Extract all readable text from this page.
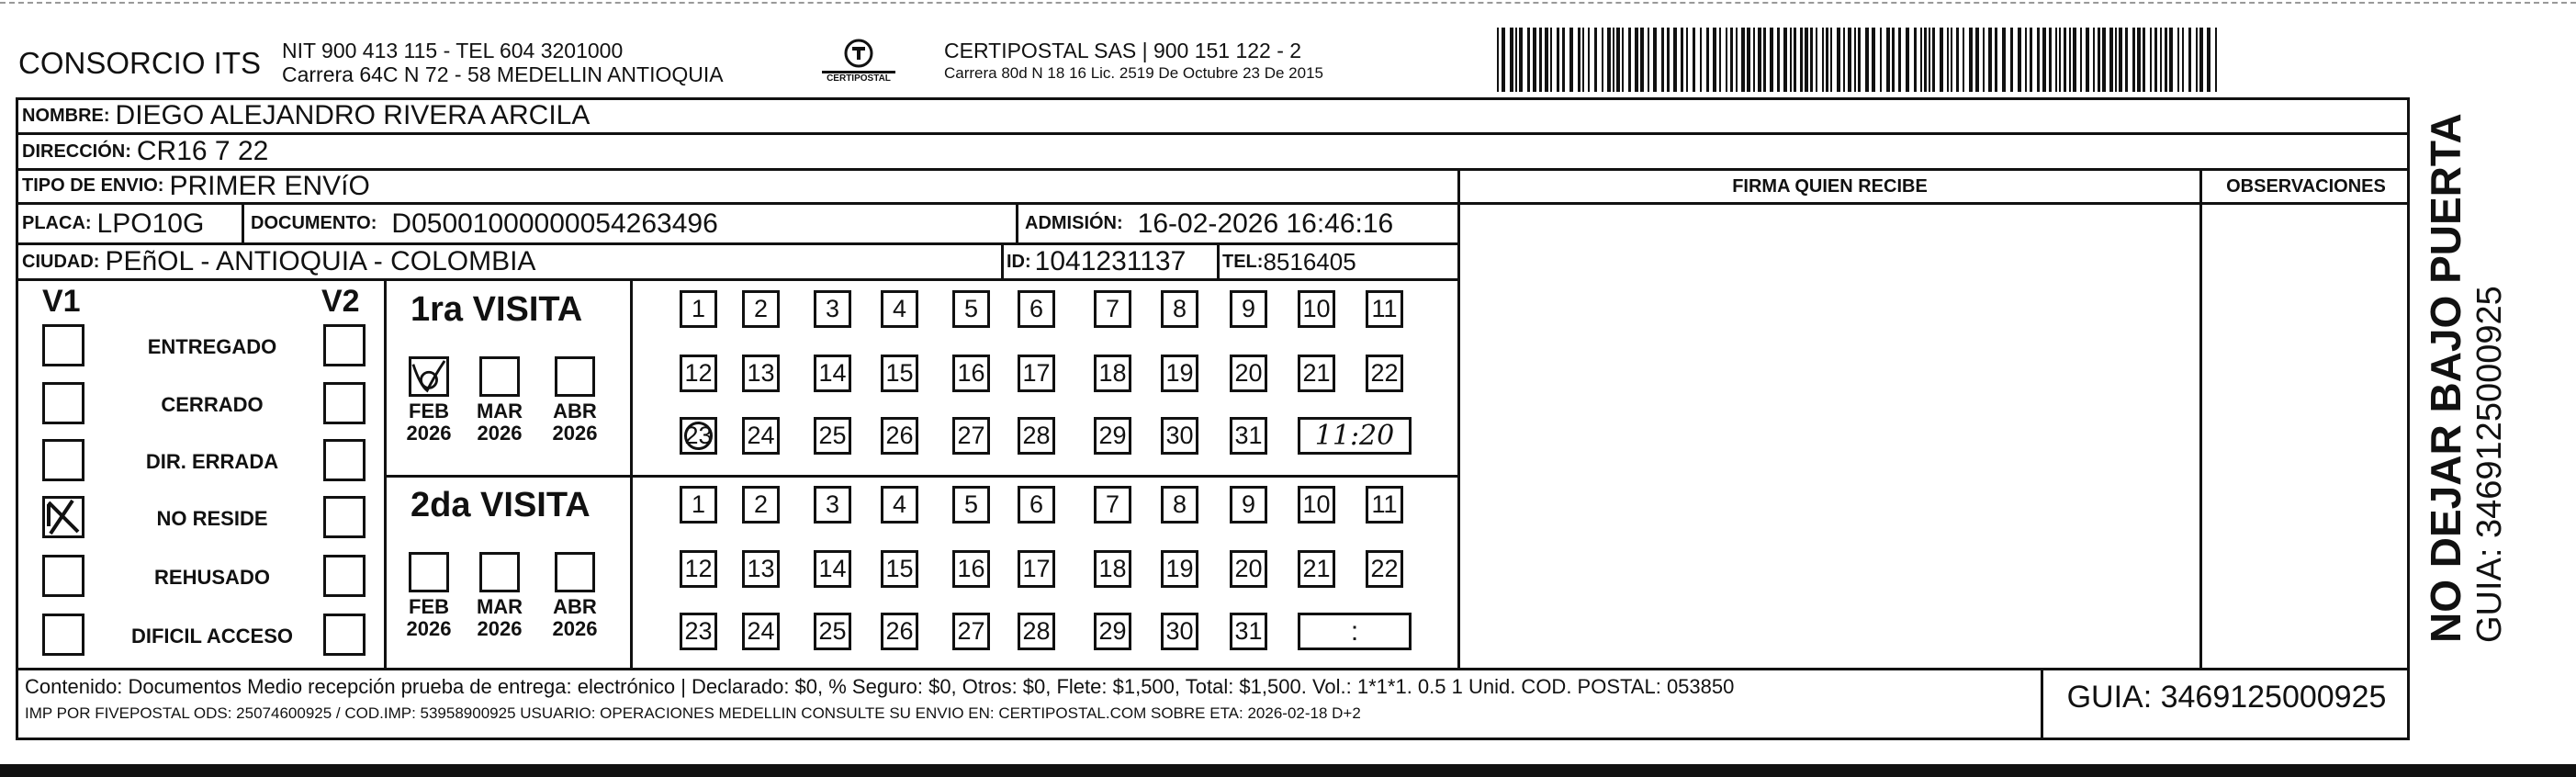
CONSORCIO ITS NIT 900 413 115 - TEL 604 3201000
Carrera 64C N 72 - 58 MEDELLIN ANTIOQUIA	CERTIPOSTAL
CERTIPOSTAL SAS | 900 151 122 - 2
Carrera 80d N 18 16 Lic. 2519 De Octubre 23 De 2015
NOMBRE: DIEGO ALEJANDRO RIVERA ARCILA
DIRECCIÓN: CR16 7 22
TIPO DE ENVIO: PRIMER ENVíO	FIRMA QUIEN RECIBE	OBSERVACIONES
PLACA: LPO10G	DOCUMENTO: D05001000000054263496	ADMISIÓN: 16-02-2026 16:46:16
CIUDAD: PEñOL - ANTIOQUIA - COLOMBIA	ID: 1041231137 TEL: 8516405
V1	V2
ENTREGADO
CERRADO
DIR. ERRADA
NO RESIDE
REHUSADO
DIFICIL ACCESO
1ra VISITA
FEB
2026
MAR
2026
ABR
2026
1	2	3	4	5	6	7	8	9	10 11
12 13 14 15 16 17 18 19 20 21 22
23 24 25 26 27 28 29 30 31	11:20
2da VISITA
FEB
2026
MAR
2026
ABR
2026
1	2	3	4	5	6	7	8	9	10 11
12 13 14 15 16 17 18 19 20 21 22
23 24 25 26 27 28 29 30 31	:
Contenido: Documentos Medio recepción prueba de entrega: electrónico | Declarado: $0, % Seguro: $0, Otros: $0, Flete: $1,500, Total: $1,500. Vol.: 1*1*1. 0.5 1 Unid. COD. POSTAL: 053850
IMP POR FIVEPOSTAL ODS: 25074600925 / COD.IMP: 53958900925 USUARIO: OPERACIONES MEDELLIN CONSULTE SU ENVIO EN: CERTIPOSTAL.COM SOBRE ETA: 2026-02-18 D+2	GUIA: 3469125000925
NO DEJAR BAJO PUERTA GUIA: 3469125000925
